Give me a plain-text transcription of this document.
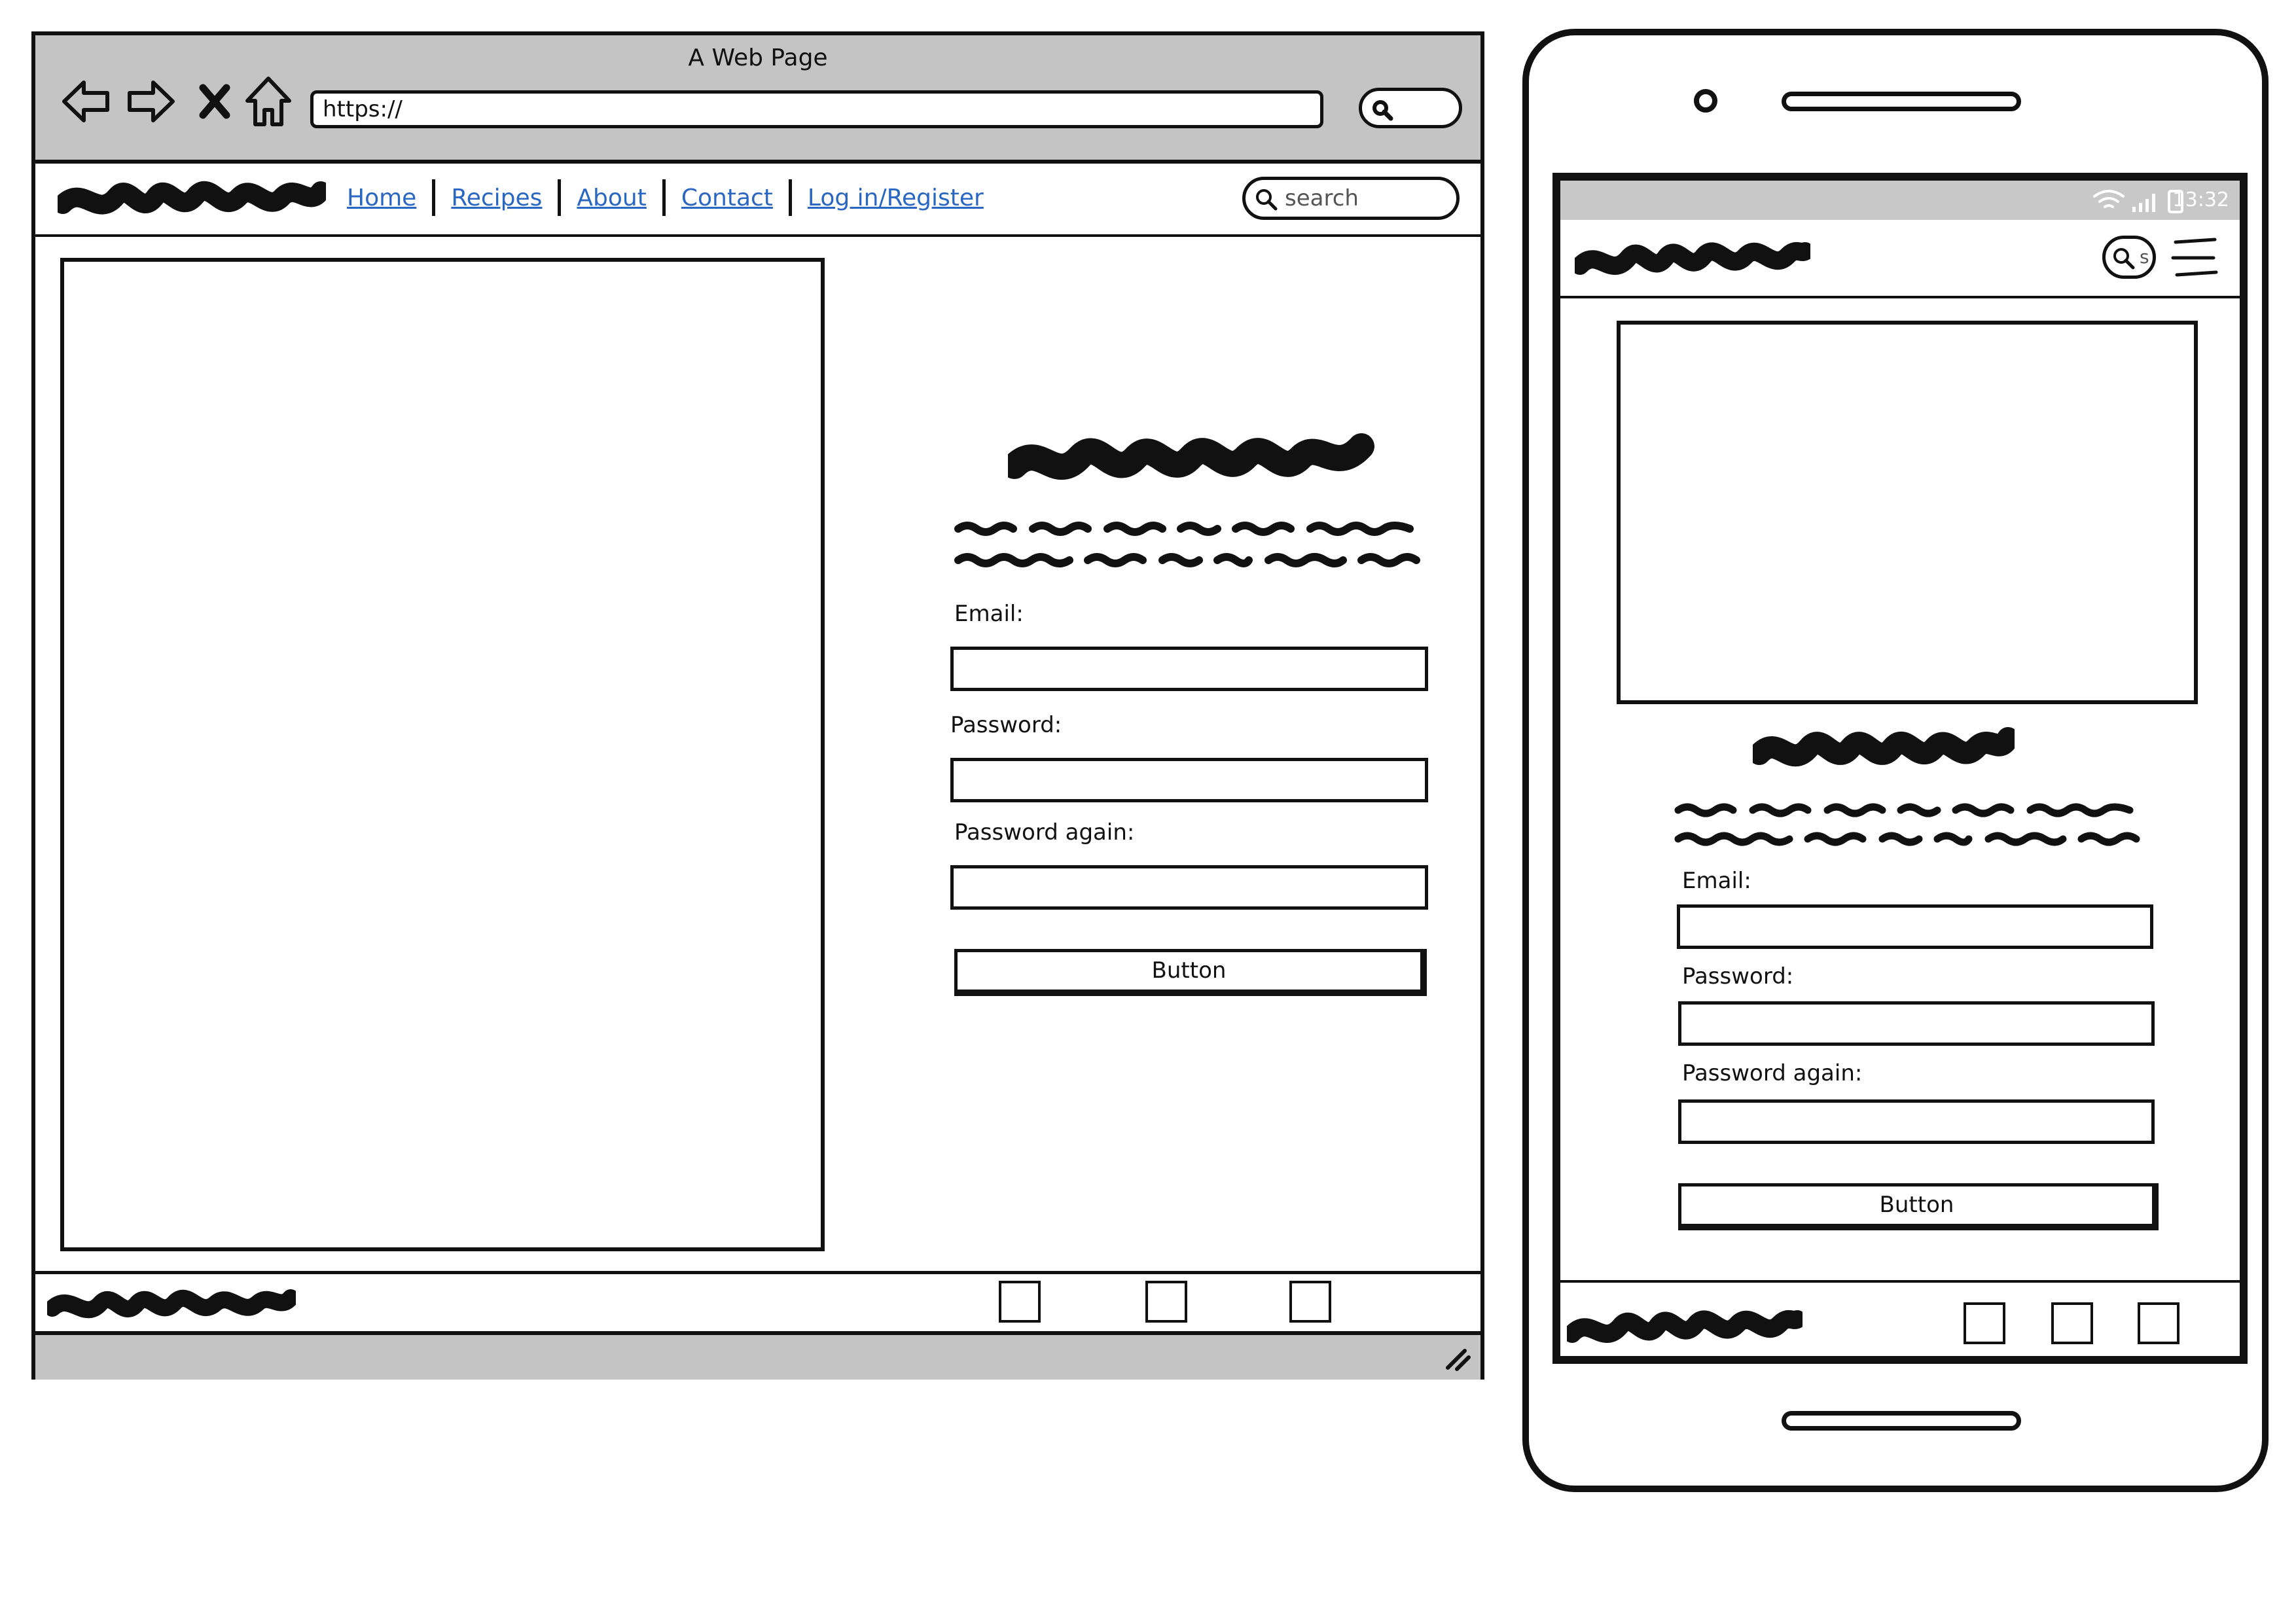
A Web Page
https://
Home Recipes About Contact Log in/Register	search
Email:
Password:
Password again:
Button
13:32
s
Email:
Password:
Password again:
Button
